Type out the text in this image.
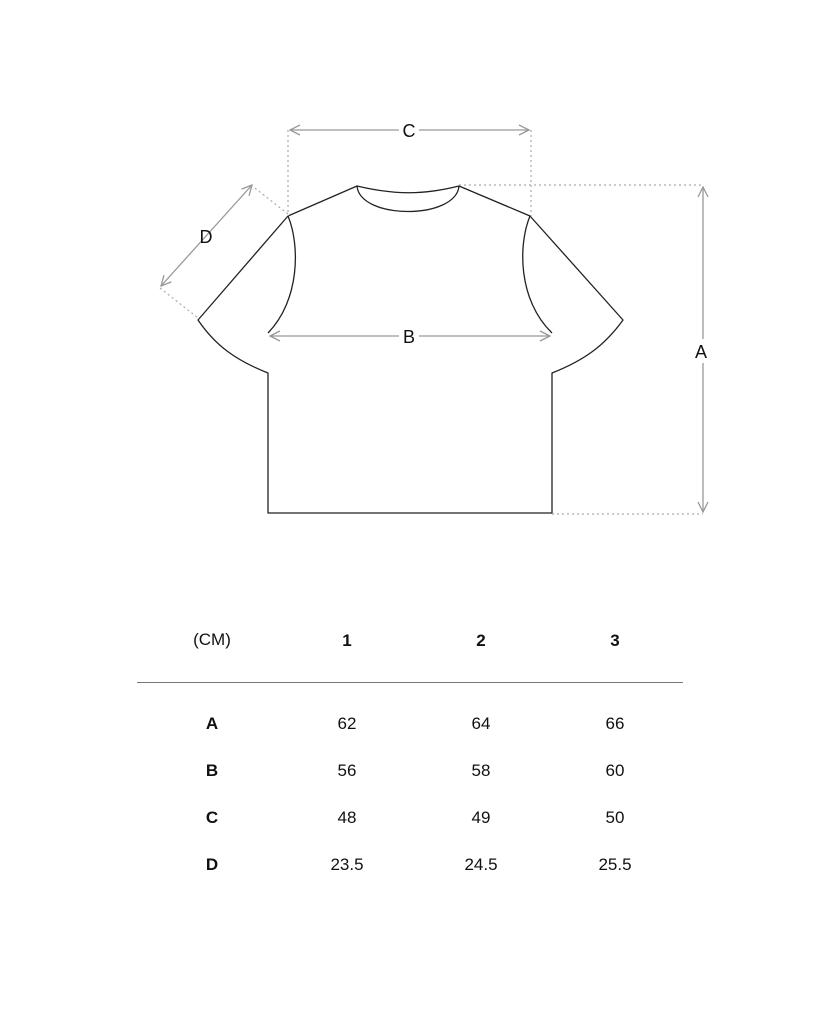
C
B
A
D
(CM)	1	2	3
A	62	64	66
B	56	58	60
C	48	49	50
D	23.5	24.5	25.5
